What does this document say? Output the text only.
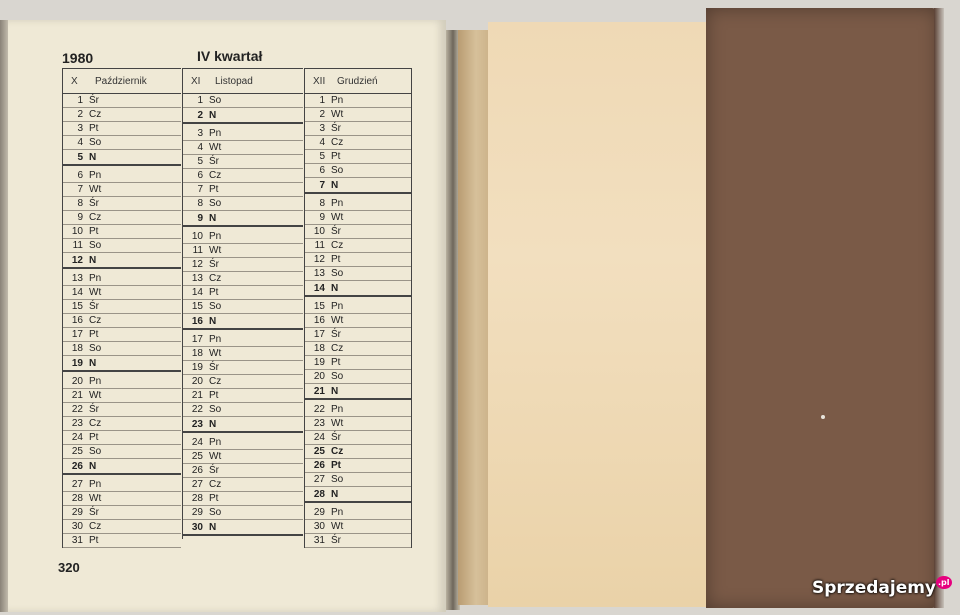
1980	IV kwartał
X	Październik
1 Śr
2 Cz
3 Pt
4 So
5 N
6 Pn
7 Wt
8 Śr
9 Cz
10 Pt
11 So
12 N
13 Pn
14 Wt
15 Śr
16 Cz
17 Pt
18 So
19 N
20 Pn
21 Wt
22 Śr
23 Cz
24 Pt
25 So
26 N
27 Pn
28 Wt
29 Śr
30 Cz
31 Pt
XI	Listopad
1 So
2 N
3 Pn
4 Wt
5 Śr
6 Cz
7 Pt
8 So
9 N
10 Pn
11 Wt
12 Śr
13 Cz
14 Pt
15 So
16 N
17 Pn
18 Wt
19 Śr
20 Cz
21 Pt
22 So
23 N
24 Pn
25 Wt
26 Śr
27 Cz
28 Pt
29 So
30 N
XII	Grudzień
1 Pn
2 Wt
3 Śr
4 Cz
5 Pt
6 So
7 N
8 Pn
9 Wt
10 Śr
11 Cz
12 Pt
13 So
14 N
15 Pn
16 Wt
17 Śr
18 Cz
19 Pt
20 So
21 N
22 Pn
23 Wt
24 Śr
25 Cz
26 Pt
27 So
28 N
29 Pn
30 Wt
31 Śr
320
Sprzedajemy $^{.pl}$
